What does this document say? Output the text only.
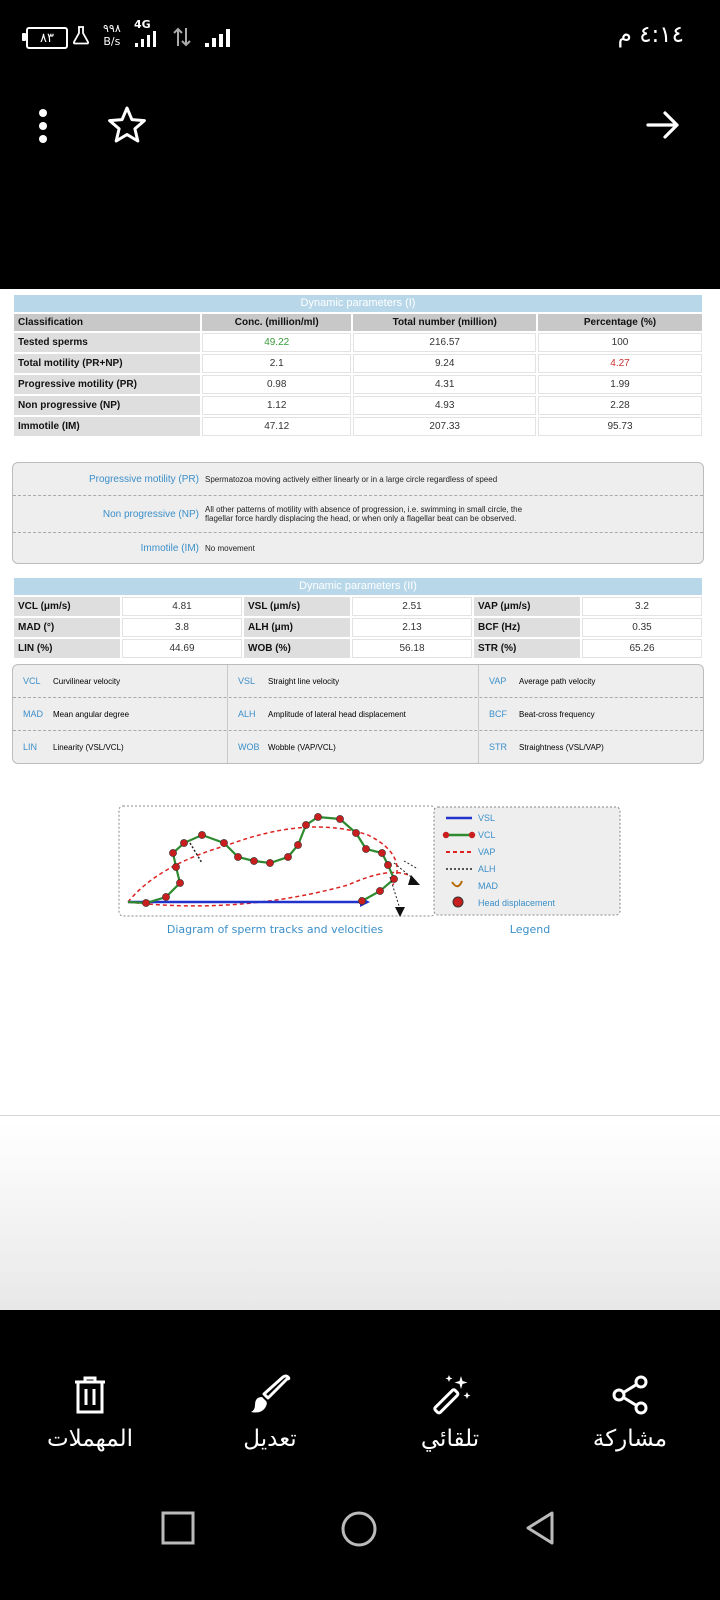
٨٣
٩٩٨
B/s
4G	٤:١٤ م
Dynamic parameters (I)			
Classification	Conc. (million/ml)	Total number (million)	Percentage (%)
Tested sperms	49.22	216.57	100
Total motility (PR+NP)	2.1	9.24	4.27
Progressive motility (PR)	0.98	4.31	1.99
Non progressive (NP)	1.12	4.93	2.28
Immotile (IM)	47.12	207.33	95.73
Progressive motility (PR) Spermatozoa moving actively either linearly or in a large circle regardless of speed
Non progressive (NP) All other patterns of motility with absence of progression, i.e. swimming in small circle, the flagellar force hardly displacing the head, or when only a flagellar beat can be observed.
Immotile (IM) No movement
Dynamic parameters (II)					
VCL (μm/s)	4.81	VSL (μm/s)	2.51	VAP (μm/s)	3.2
MAD (°)	3.8	ALH (μm)	2.13	BCF (Hz)	0.35
LIN (%)	44.69	WOB (%)	56.18	STR (%)	65.26
VCL	Curvilinear velocity	VSL	Straight line velocity	VAP	Average path velocity
MAD	Mean angular degree	ALH	Amplitude of lateral head displacement	BCF	Beat-cross frequency
LIN	Linearity (VSL/VCL)	WOB	Wobble (VAP/VCL)	STR	Straightness (VSL/VAP)
Diagram of sperm tracks and velocities
VSL
VCL
VAP
ALH
MAD
Head displacement
Legend
مشاركة
تلقائي
تعديل
المهملات
